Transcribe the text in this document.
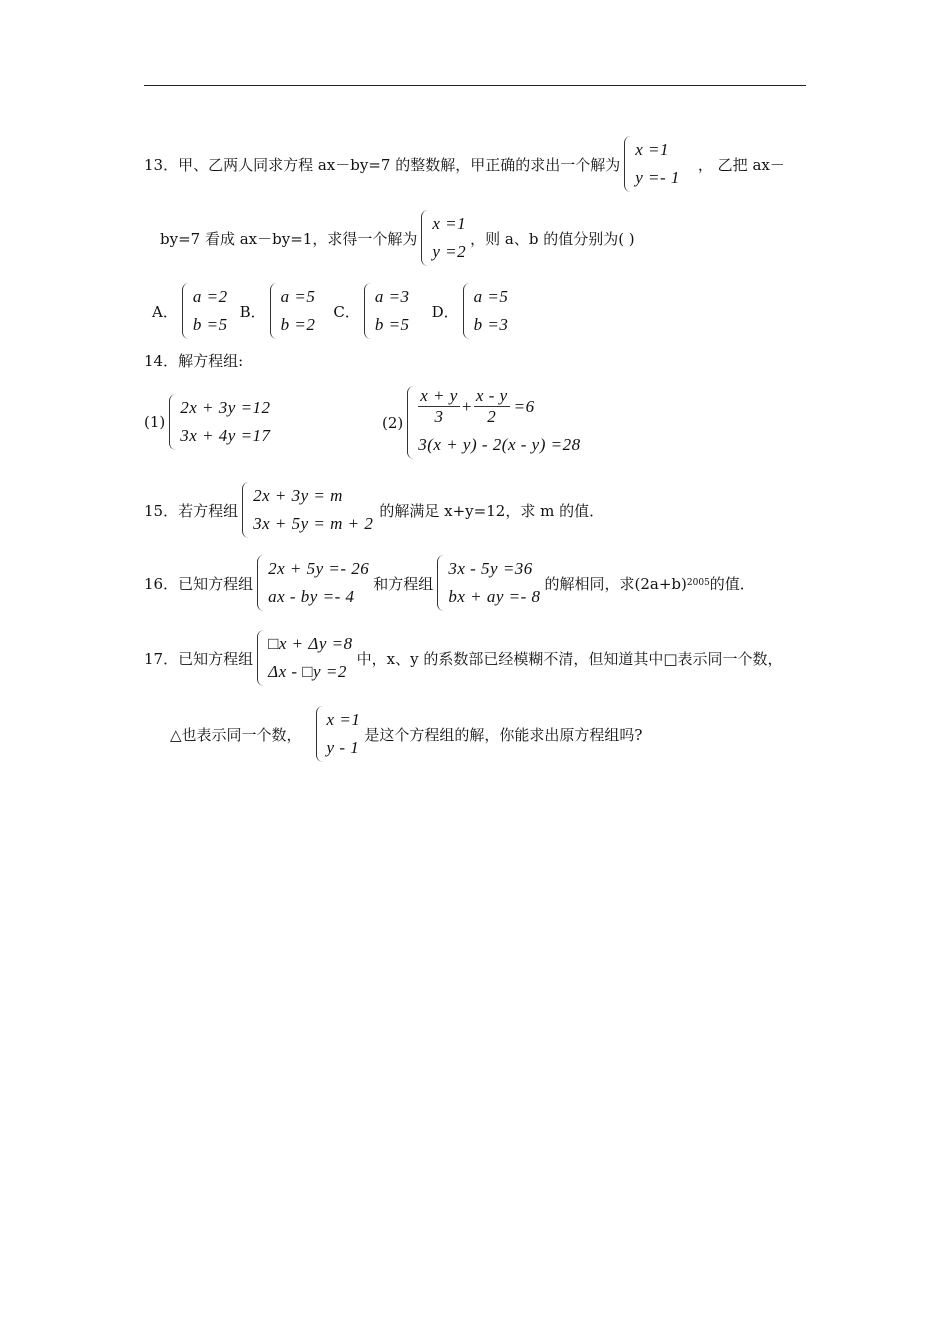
13．甲、乙两人同求方程 ax－by=7 的整数解，甲正确的求出一个解为
x =1
y =- 1
， 乙把 ax－
by=7 看成 ax－by=1，求得一个解为
x =1
y =2
，则 a、b 的值分别为( )
A．
a =2
b =5
B．
a =5
b =2
C．
a =3
b =5
D．
a =5
b =3
14．解方程组:
(1)
2x + 3y =12
3x + 4y =17
$(2) \frac{x + y}{3} + \frac{x - y}{2} =6$
3(x + y) - 2(x - y) =28
15．若方程组
2x + 3y = m
3x + 5y = m + 2
的解满足 x+y=12，求 m 的值．
16．已知方程组
2x + 5y =- 26
ax - by =- 4
和方程组
3x - 5y =36
bx + ay =- 8
的解相同，求(2a+b) 2005 的值．
17．已知方程组
□x + Δy =8
Δx - □y =2
中，x、y 的系数部已经模糊不清，但知道其中□表示同一个数，
△也表示同一个数，
x =1
y - 1
是这个方程组的解，你能求出原方程组吗?
